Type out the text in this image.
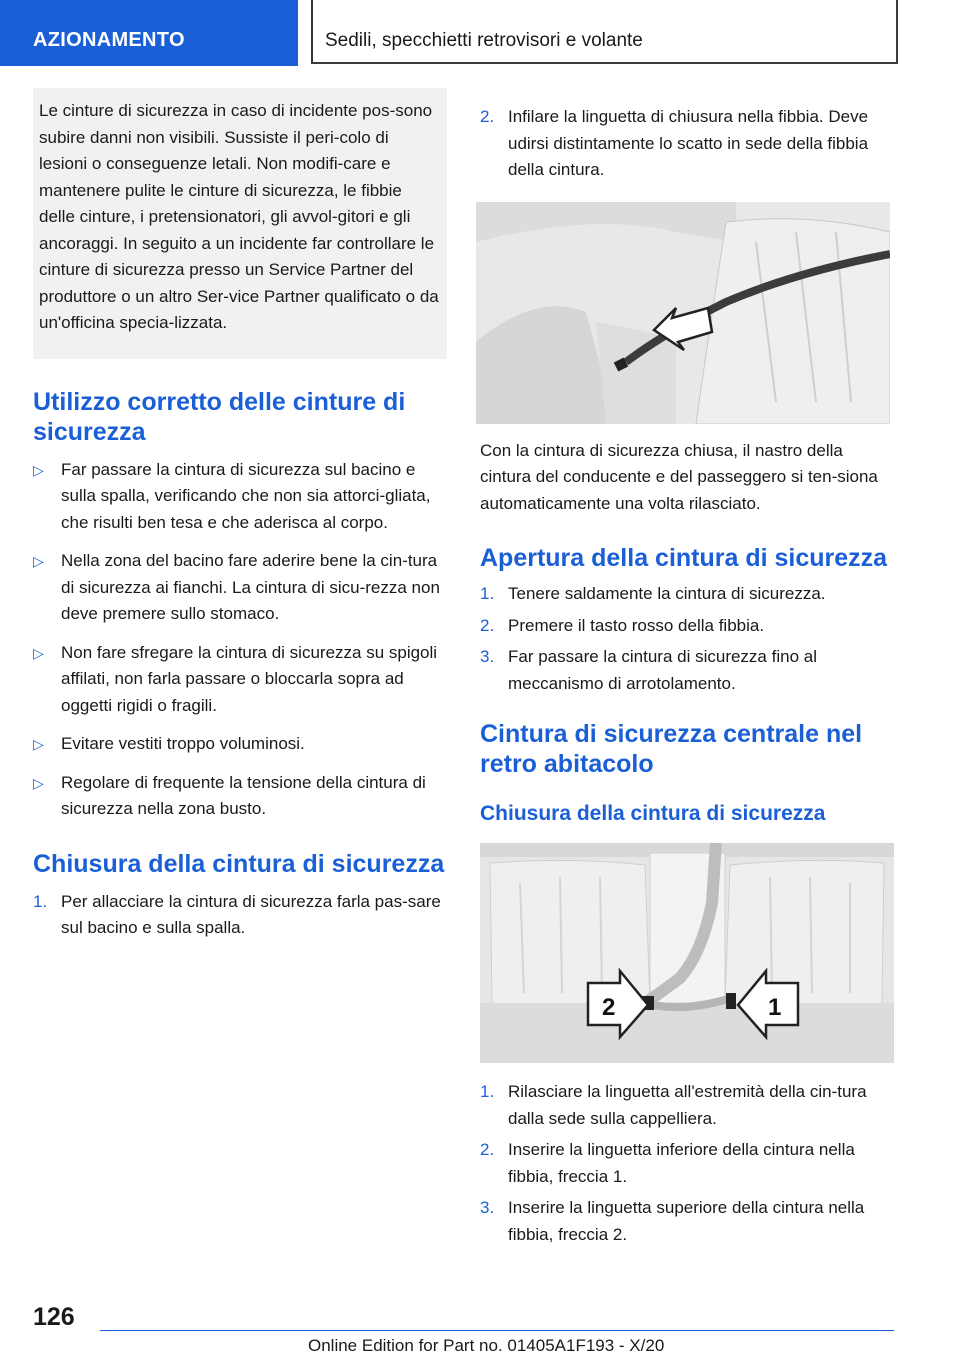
AZIONAMENTO	Sedili, specchietti retrovisori e volante
Le cinture di sicurezza in caso di incidente pos-sono subire danni non visibili. Sussiste il peri-colo di lesioni o conseguenze letali. Non modifi-care e mantenere pulite le cinture di sicurezza, le fibbie delle cinture, i pretensionatori, gli avvol-gitori e gli ancoraggi. In seguito a un incidente far controllare le cinture di sicurezza presso un Service Partner del produttore o un altro Ser-vice Partner qualificato o da un'officina specia-lizzata.
Utilizzo corretto delle cinture di sicurezza
▷ Far passare la cintura di sicurezza sul bacino e sulla spalla, verificando che non sia attorci-gliata, che risulti ben tesa e che aderisca al corpo.
▷ Nella zona del bacino fare aderire bene la cin-tura di sicurezza ai fianchi. La cintura di sicu-rezza non deve premere sullo stomaco.
▷ Non fare sfregare la cintura di sicurezza su spigoli affilati, non farla passare o bloccarla sopra ad oggetti rigidi o fragili.
▷ Evitare vestiti troppo voluminosi.
▷ Regolare di frequente la tensione della cintura di sicurezza nella zona busto.
Chiusura della cintura di sicurezza
1. Per allacciare la cintura di sicurezza farla pas-sare sul bacino e sulla spalla.
2. Infilare la linguetta di chiusura nella fibbia. Deve udirsi distintamente lo scatto in sede della fibbia della cintura.

Con la cintura di sicurezza chiusa, il nastro della cintura del conducente e del passeggero si ten-siona automaticamente una volta rilasciato.

Apertura della cintura di sicurezza
1. Tenere saldamente la cintura di sicurezza.
2. Premere il tasto rosso della fibbia.
3. Far passare la cintura di sicurezza fino al meccanismo di arrotolamento.
Cintura di sicurezza centrale nel retro abitacolo
Chiusura della cintura di sicurezza
2	1
1. Rilasciare la linguetta all'estremità della cin-tura dalla sede sulla cappelliera.
2. Inserire la linguetta inferiore della cintura nella fibbia, freccia 1.
3. Inserire la linguetta superiore della cintura nella fibbia, freccia 2.
126
Online Edition for Part no. 01405A1F193 - X/20
